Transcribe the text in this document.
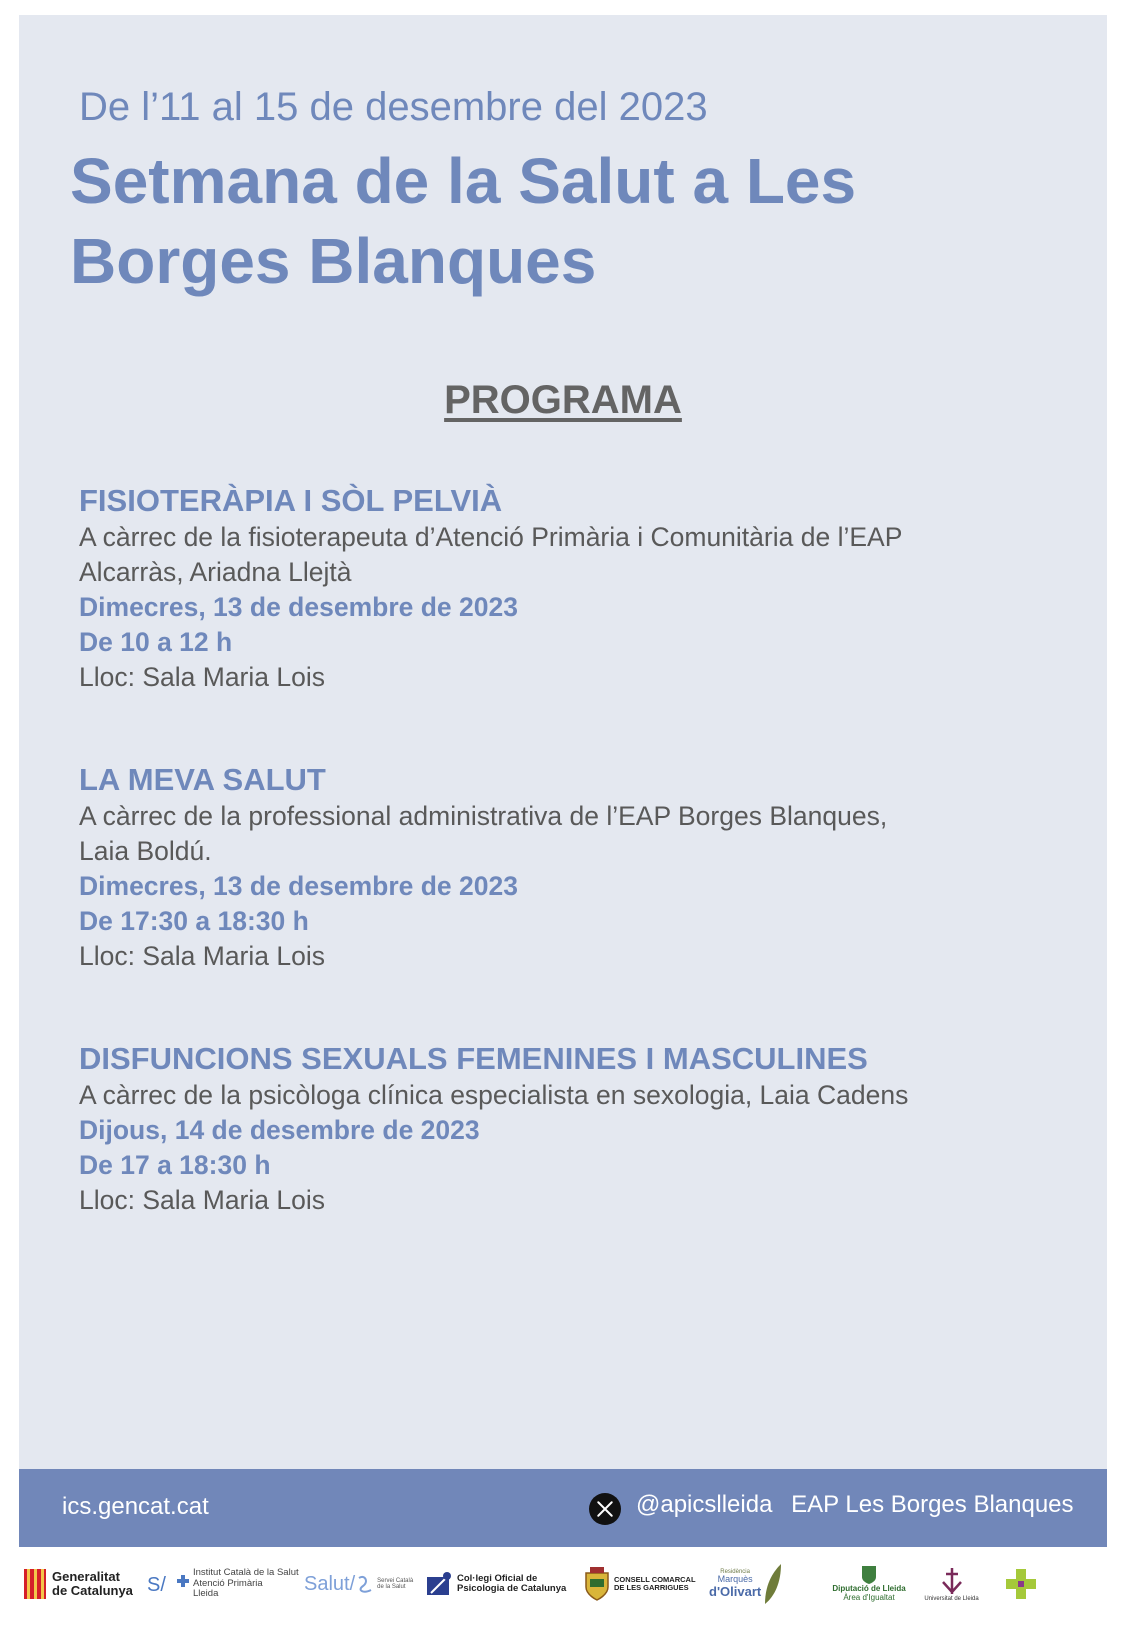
De l’11 al 15 de desembre del 2023
Setmana de la Salut a Les
Borges Blanques
PROGRAMA

FISIOTERÀPIA I SÒL PELVIÀ

A càrrec de la fisioterapeuta d’Atenció Primària i Comunitària de l’EAP

Alcarràs, Ariadna Llejtà

Dimecres, 13 de desembre de 2023

De 10 a 12 h

Lloc: Sala Maria Lois

LA MEVA SALUT

A càrrec de la professional administrativa de l’EAP Borges Blanques,

Laia Boldú.

Dimecres, 13 de desembre de 2023

De 17:30 a 18:30 h

Lloc: Sala Maria Lois

DISFUNCIONS SEXUALS FEMENINES I MASCULINES

A càrrec de la psicòloga clínica especialista en sexologia, Laia Cadens

Dijous, 14 de desembre de 2023

De 17 a 18:30 h

Lloc: Sala Maria Lois

ics.gencat.cat	@apicslleida EAP Les Borges Blanques
Generalitat
de Catalunya S/
Institut Català de la Salut
Atenció Primària
Lleida	Salut/	Servei Català de la Salut
Col·legi Oficial de
Psicologia de Catalunya
CONSELL COMARCAL
DE LES GARRIGUES
Residència
Marquès
d'Olivart	Diputació de Lleida
Àrea d'Igualtat	Universitat de Lleida
